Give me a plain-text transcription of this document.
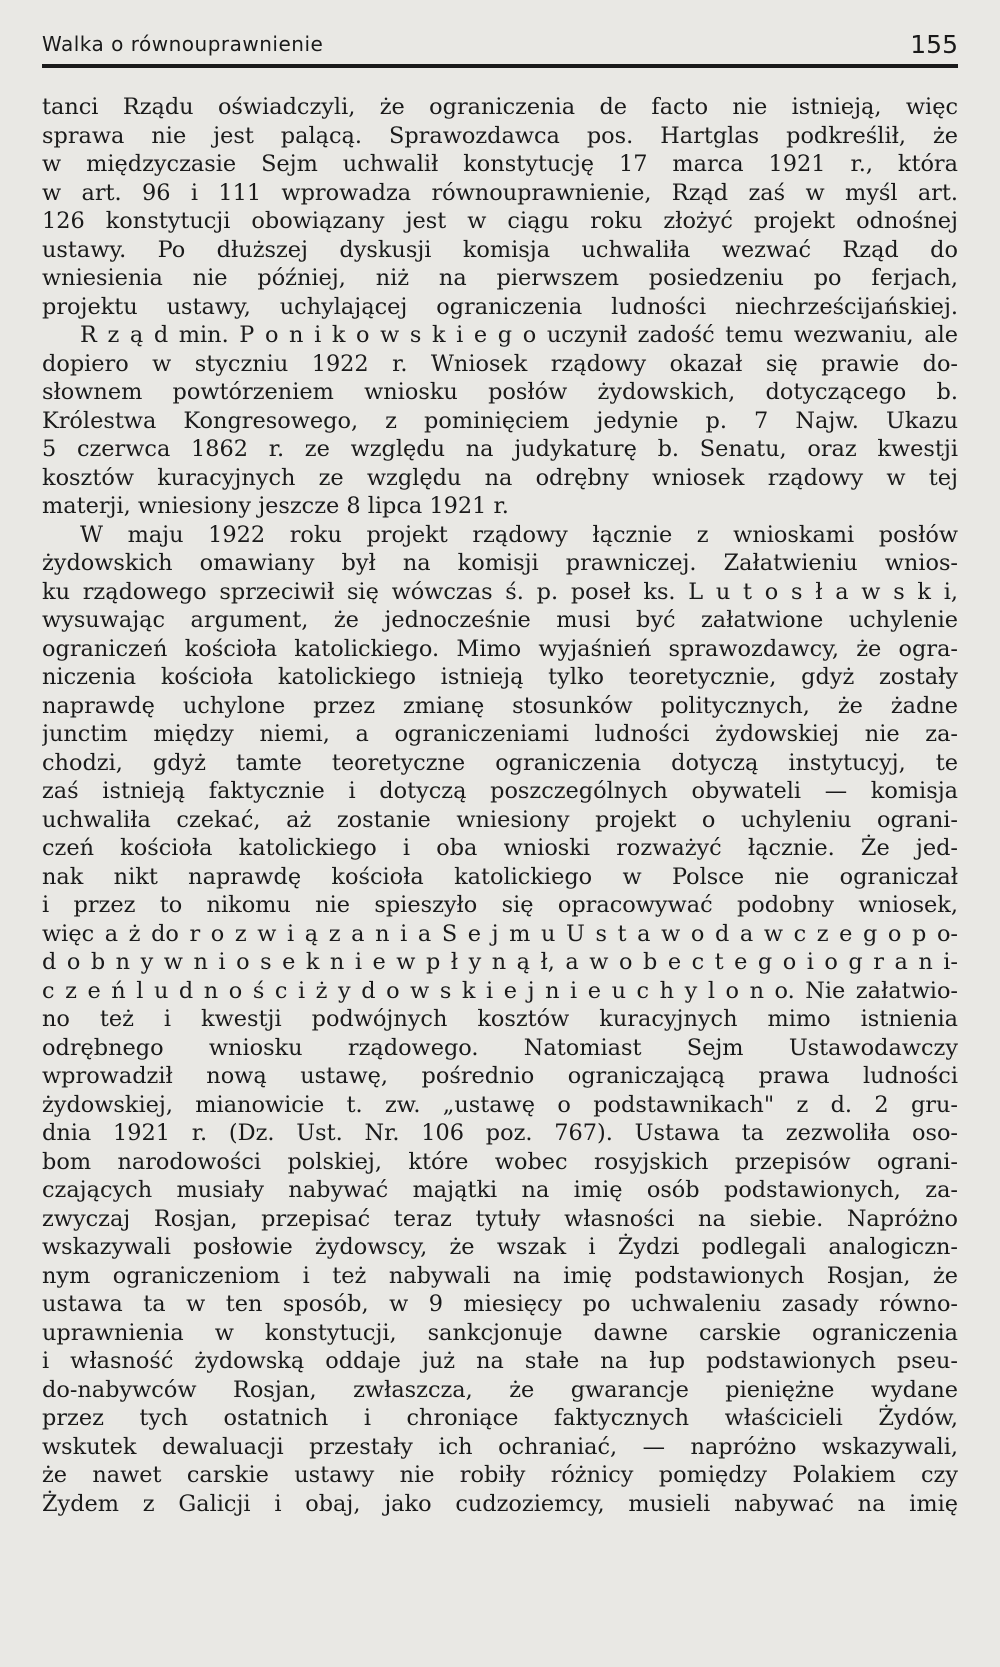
Walka o równouprawnienie	155
tanci Rządu oświadczyli, że ograniczenia de facto nie istnieją, więc
sprawa nie jest palącą. Sprawozdawca pos. Hartglas podkreślił, że
w międzyczasie Sejm uchwalił konstytucję 17 marca 1921 r., która
w art. 96 i 111 wprowadza równouprawnienie, Rząd zaś w myśl art.
126 konstytucji obowiązany jest w ciągu roku złożyć projekt odnośnej
ustawy. Po dłuższej dyskusji komisja uchwaliła wezwać Rząd do
wniesienia nie później, niż na pierwszem posiedzeniu po ferjach,
projektu ustawy, uchylającej ograniczenia ludności niechrześcijańskiej.
R z ą d min. P o n i k o w s k i e g o uczynił zadość temu wezwaniu, ale
dopiero w styczniu 1922 r. Wniosek rządowy okazał się prawie do-
słownem powtórzeniem wniosku posłów żydowskich, dotyczącego b.
Królestwa Kongresowego, z pominięciem jedynie p. 7 Najw. Ukazu
5 czerwca 1862 r. ze względu na judykaturę b. Senatu, oraz kwestji
kosztów kuracyjnych ze względu na odrębny wniosek rządowy w tej
materji, wniesiony jeszcze 8 lipca 1921 r.
W maju 1922 roku projekt rządowy łącznie z wnioskami posłów
żydowskich omawiany był na komisji prawniczej. Załatwieniu wnios-
ku rządowego sprzeciwił się wówczas ś. p. poseł ks. L u t o s ł a w s k i,
wysuwając argument, że jednocześnie musi być załatwione uchylenie
ograniczeń kościoła katolickiego. Mimo wyjaśnień sprawozdawcy, że ogra-
niczenia kościoła katolickiego istnieją tylko teoretycznie, gdyż zostały
naprawdę uchylone przez zmianę stosunków politycznych, że żadne
junctim między niemi, a ograniczeniami ludności żydowskiej nie za-
chodzi, gdyż tamte teoretyczne ograniczenia dotyczą instytucyj, te
zaś istnieją faktycznie i dotyczą poszczególnych obywateli — komisja
uchwaliła czekać, aż zostanie wniesiony projekt o uchyleniu ograni-
czeń kościoła katolickiego i oba wnioski rozważyć łącznie. Że jed-
nak nikt naprawdę kościoła katolickiego w Polsce nie ograniczał
i przez to nikomu nie spieszyło się opracowywać podobny wniosek,
więc a ż do r o z w i ą z a n i a S e j m u U s t a w o d a w c z e g o p o-
d o b n y w n i o s e k n i e w p ł y n ą ł, a w o b e c t e g o i o g r a n i-
c z e ń l u d n o ś c i ż y d o w s k i e j n i e u c h y l o n o. Nie załatwio-
no też i kwestji podwójnych kosztów kuracyjnych mimo istnienia
odrębnego wniosku rządowego. Natomiast Sejm Ustawodawczy
wprowadził nową ustawę, pośrednio ograniczającą prawa ludności
żydowskiej, mianowicie t. zw. „ustawę o podstawnikach" z d. 2 gru-
dnia 1921 r. (Dz. Ust. Nr. 106 poz. 767). Ustawa ta zezwoliła oso-
bom narodowości polskiej, które wobec rosyjskich przepisów ograni-
czających musiały nabywać majątki na imię osób podstawionych, za-
zwyczaj Rosjan, przepisać teraz tytuły własności na siebie. Napróżno
wskazywali posłowie żydowscy, że wszak i Żydzi podlegali analogiczn-
nym ograniczeniom i też nabywali na imię podstawionych Rosjan, że
ustawa ta w ten sposób, w 9 miesięcy po uchwaleniu zasady równo-
uprawnienia w konstytucji, sankcjonuje dawne carskie ograniczenia
i własność żydowską oddaje już na stałe na łup podstawionych pseu-
do-nabywców Rosjan, zwłaszcza, że gwarancje pieniężne wydane
przez tych ostatnich i chroniące faktycznych właścicieli Żydów,
wskutek dewaluacji przestały ich ochraniać, — napróżno wskazywali,
że nawet carskie ustawy nie robiły różnicy pomiędzy Polakiem czy
Żydem z Galicji i obaj, jako cudzoziemcy, musieli nabywać na imię
